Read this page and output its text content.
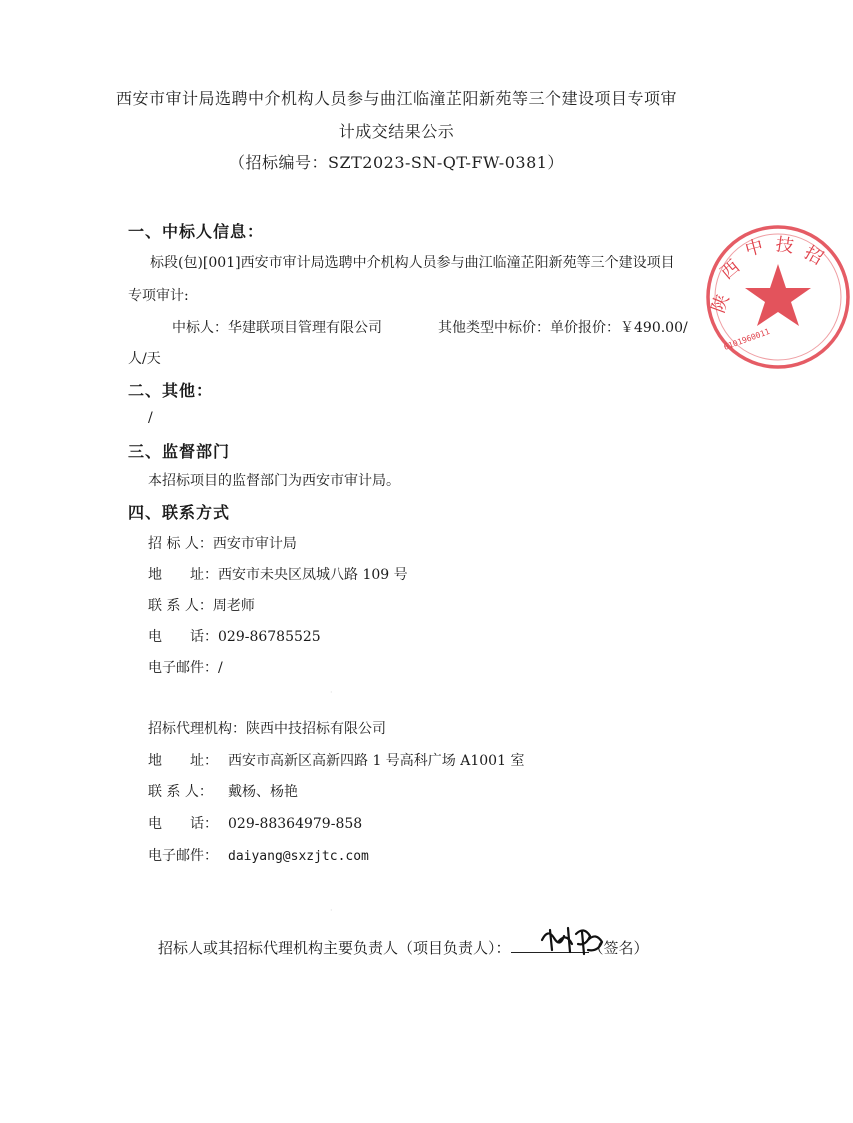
西安市审计局选聘中介机构人员参与曲江临潼芷阳新苑等三个建设项目专项审
计成交结果公示
（招标编号：SZT2023-SN-QT-FW-0381）
一、中标人信息：
标段(包)[001]西安市审计局选聘中介机构人员参与曲江临潼芷阳新苑等三个建设项目
专项审计:
中标人：华建联项目管理有限公司	其他类型中标价：单价报价：￥490.00/
人/天
二、其他：
/
三、监督部门
本招标项目的监督部门为西安市审计局。
四、联系方式
招 标 人：西安市审计局
地　　址：西安市未央区凤城八路 109 号
联 系 人：周老师
电　　话：029-86785525
电子邮件：/
·
招标代理机构：陕西中技招标有限公司
地　　址： 西安市高新区高新四路 1 号高科广场 A1001 室
联 系 人： 戴杨、杨艳
电　　话： 029-88364979-858
电子邮件： daiyang@sxzjtc.com
·
招标人或其招标代理机构主要负责人（项目负责人）：	（签名）
陕
西
中 技 招
6101960011
